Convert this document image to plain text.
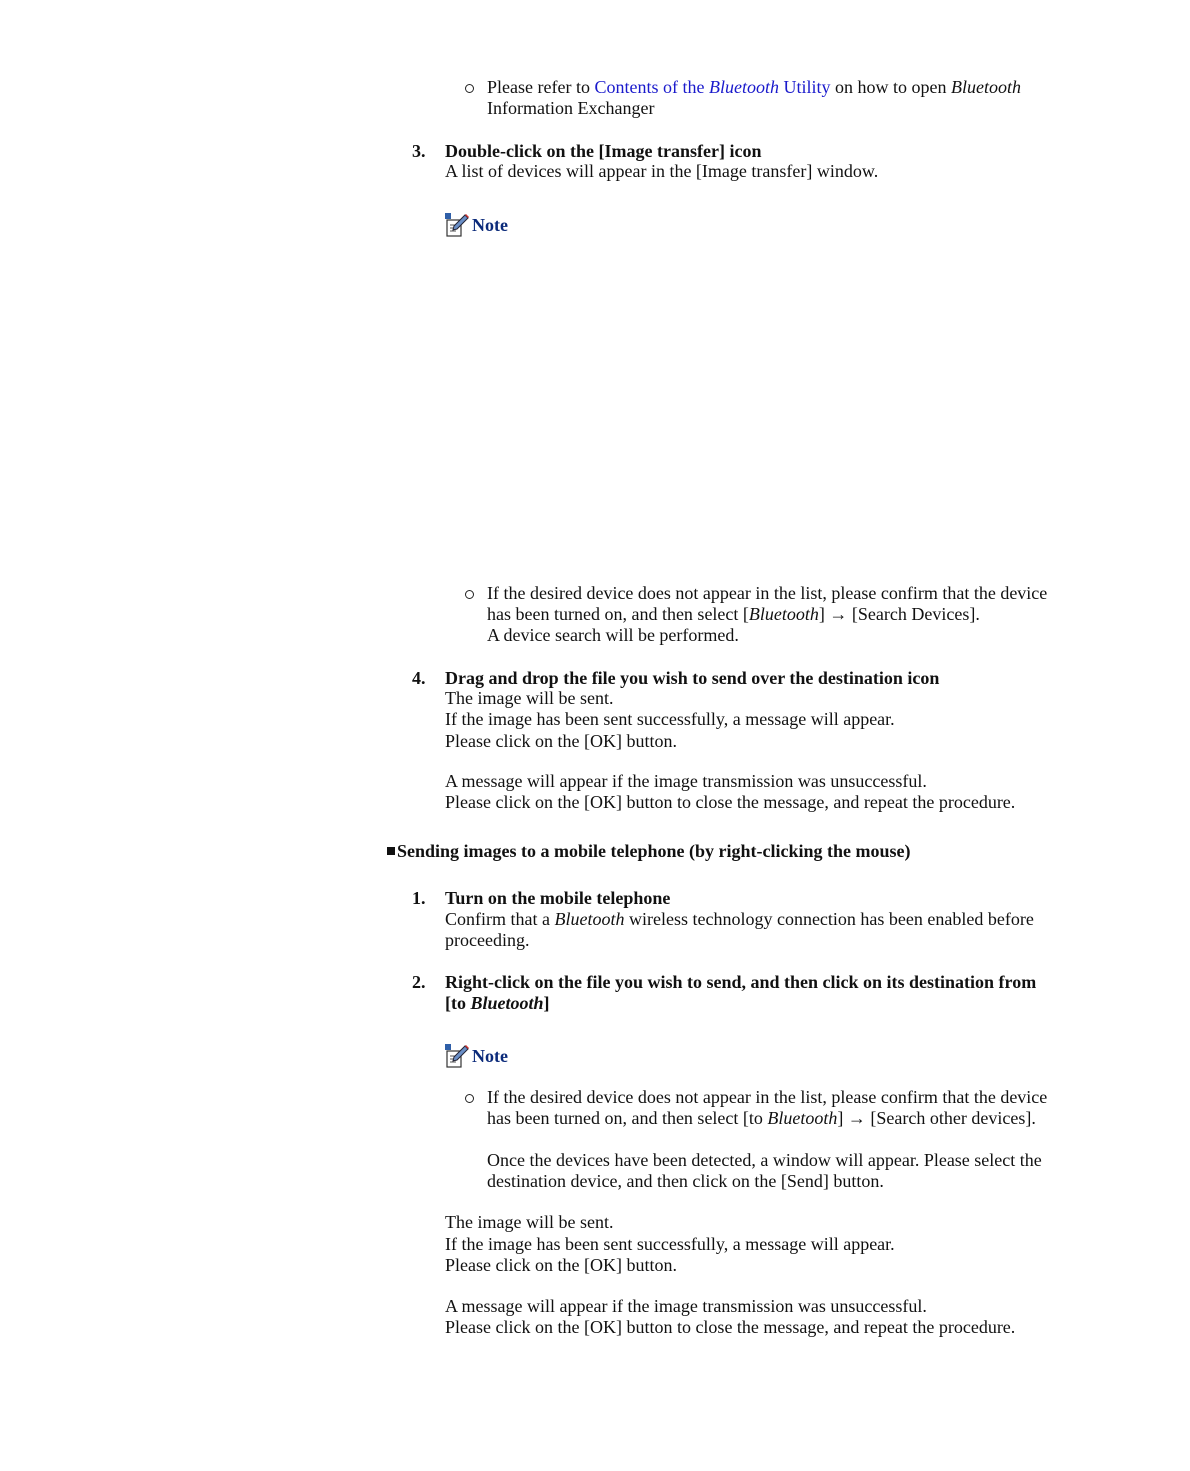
Please refer to Contents of the Bluetooth Utility on how to open Bluetooth
Information Exchanger
3. Double-click on the [Image transfer] icon
A list of devices will appear in the [Image transfer] window.
Note
If the desired device does not appear in the list, please confirm that the device
has been turned on, and then select [Bluetooth] → [Search Devices].
A device search will be performed.
4. Drag and drop the file you wish to send over the destination icon
The image will be sent.
If the image has been sent successfully, a message will appear.
Please click on the [OK] button.
A message will appear if the image transmission was unsuccessful.
Please click on the [OK] button to close the message, and repeat the procedure.
Sending images to a mobile telephone (by right-clicking the mouse)
1. Turn on the mobile telephone
Confirm that a Bluetooth wireless technology connection has been enabled before
proceeding.
2. Right-click on the file you wish to send, and then click on its destination from
[to Bluetooth]
Note
If the desired device does not appear in the list, please confirm that the device
has been turned on, and then select [to Bluetooth] → [Search other devices].
Once the devices have been detected, a window will appear. Please select the
destination device, and then click on the [Send] button.
The image will be sent.
If the image has been sent successfully, a message will appear.
Please click on the [OK] button.
A message will appear if the image transmission was unsuccessful.
Please click on the [OK] button to close the message, and repeat the procedure.
